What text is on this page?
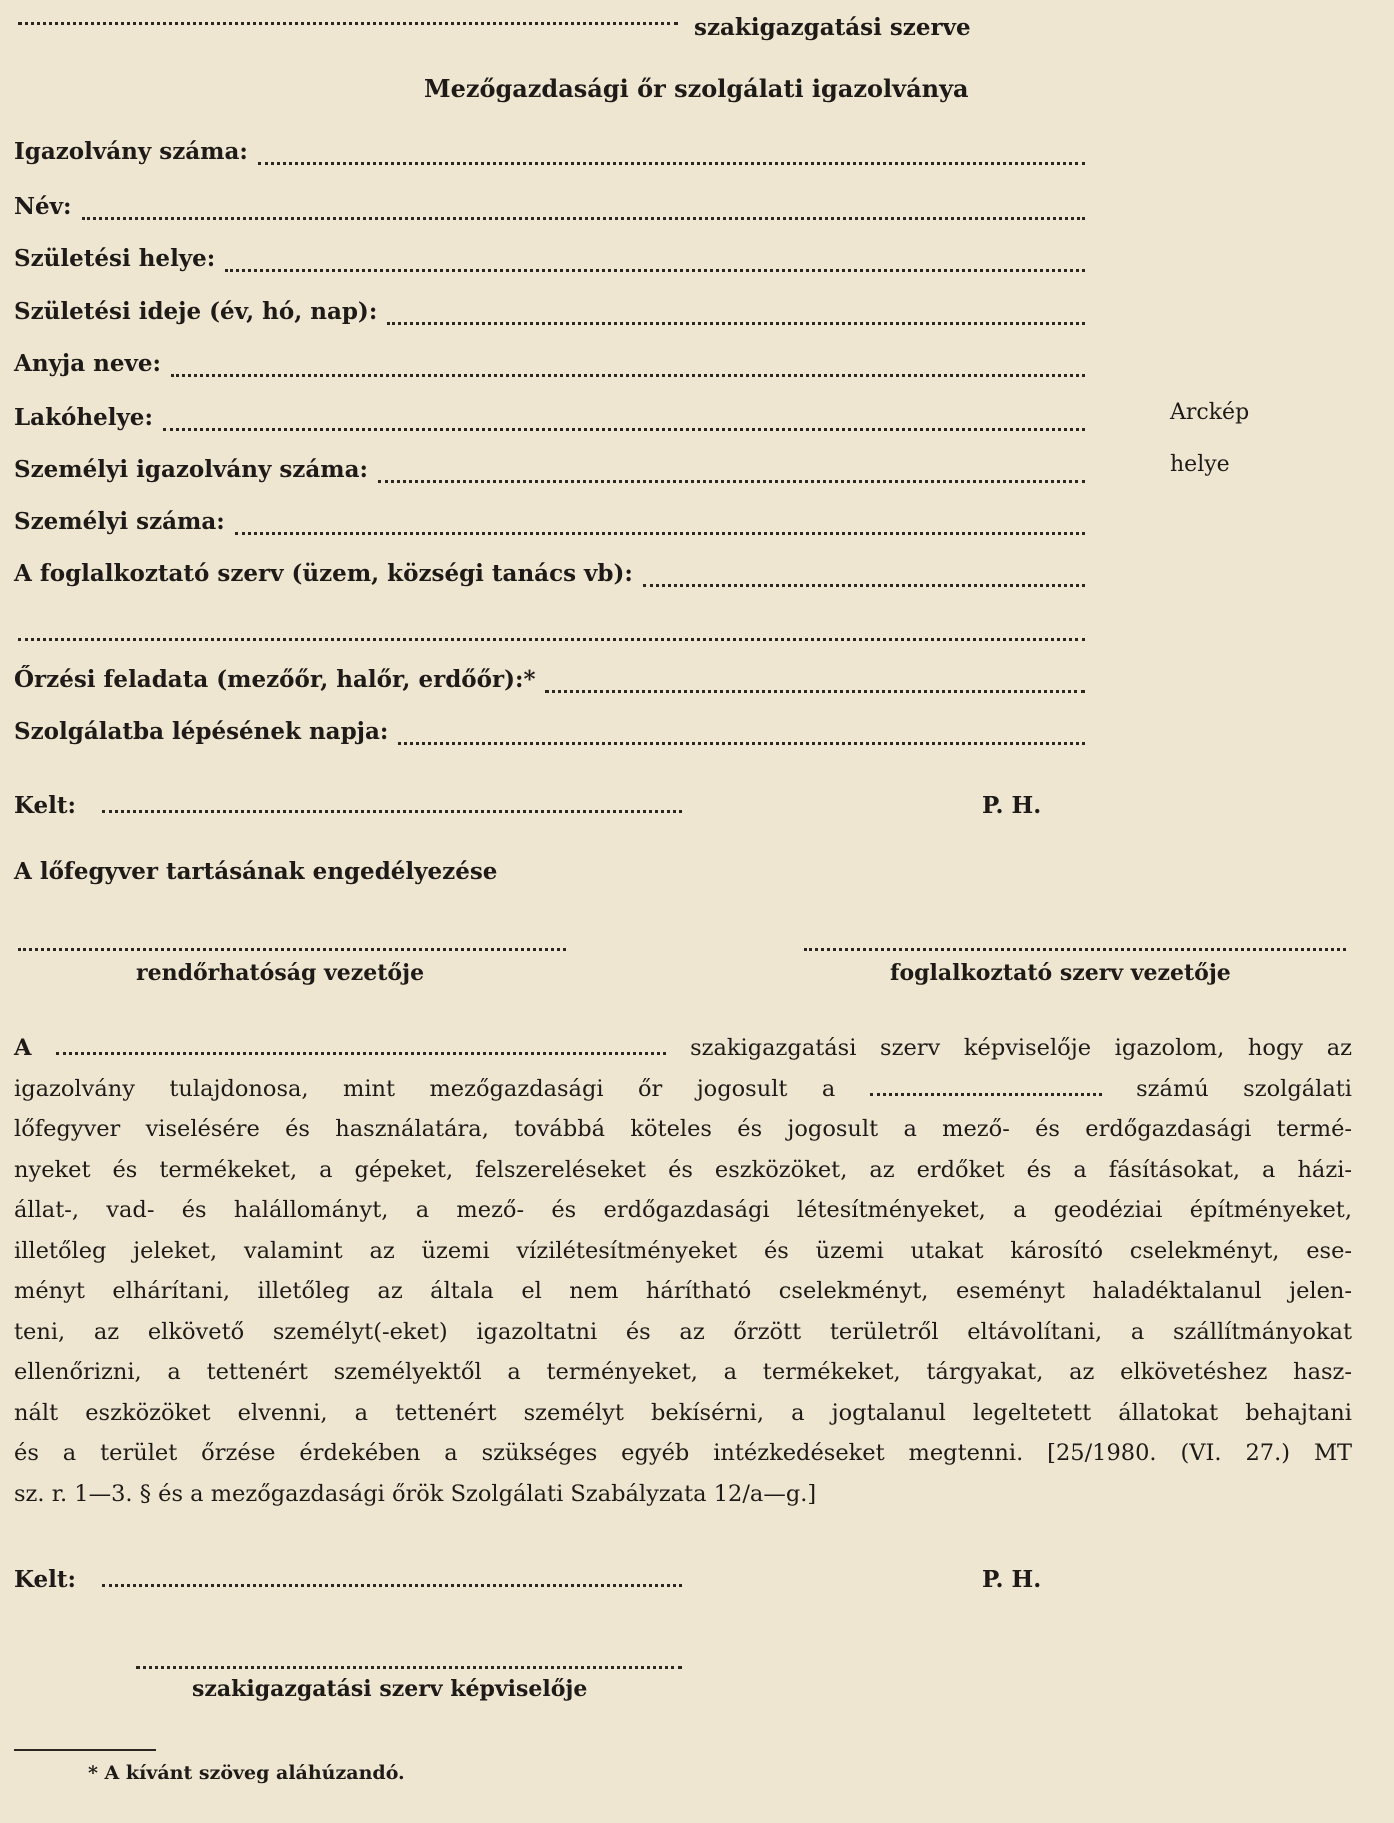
szakigazgatási szerve
Mezőgazdasági őr szolgálati igazolványa
Igazolvány száma:
Név:
Születési helye:
Születési ideje (év, hó, nap):
Anyja neve:
Lakóhelye:
Személyi igazolvány száma:
Személyi száma:
A foglalkoztató szerv (üzem, községi tanács vb):
Őrzési feladata (mezőőr, halőr, erdőőr):*
Szolgálatba lépésének napja:
Arckép
helye
Kelt:	P. H.
A lőfegyver tartásának engedélyezése
rendőrhatóság vezetője	foglalkoztató szerv vezetője
A	szakigazgatási szerv képviselője igazolom, hogy az
igazolvány tulajdonosa, mint mezőgazdasági őr jogosult a	számú szolgálati
lőfegyver viselésére és használatára, továbbá köteles és jogosult a mező- és erdőgazdasági termé-
nyeket és termékeket, a gépeket, felszereléseket és eszközöket, az erdőket és a fásításokat, a házi-
állat-, vad- és halállományt, a mező- és erdőgazdasági létesítményeket, a geodéziai építményeket,
illetőleg jeleket, valamint az üzemi vízilétesítményeket és üzemi utakat károsító cselekményt, ese-
ményt elhárítani, illetőleg az általa el nem hárítható cselekményt, eseményt haladéktalanul jelen-
teni, az elkövető személyt(-eket) igazoltatni és az őrzött területről eltávolítani, a szállítmányokat
ellenőrizni, a tettenért személyektől a terményeket, a termékeket, tárgyakat, az elkövetéshez hasz-
nált eszközöket elvenni, a tettenért személyt bekísérni, a jogtalanul legeltetett állatokat behajtani
és a terület őrzése érdekében a szükséges egyéb intézkedéseket megtenni. [25/1980. (VI. 27.) MT
sz. r. 1—3. § és a mezőgazdasági őrök Szolgálati Szabályzata 12/a—g.]
Kelt:	P. H.
szakigazgatási szerv képviselője
* A kívánt szöveg aláhúzandó.
